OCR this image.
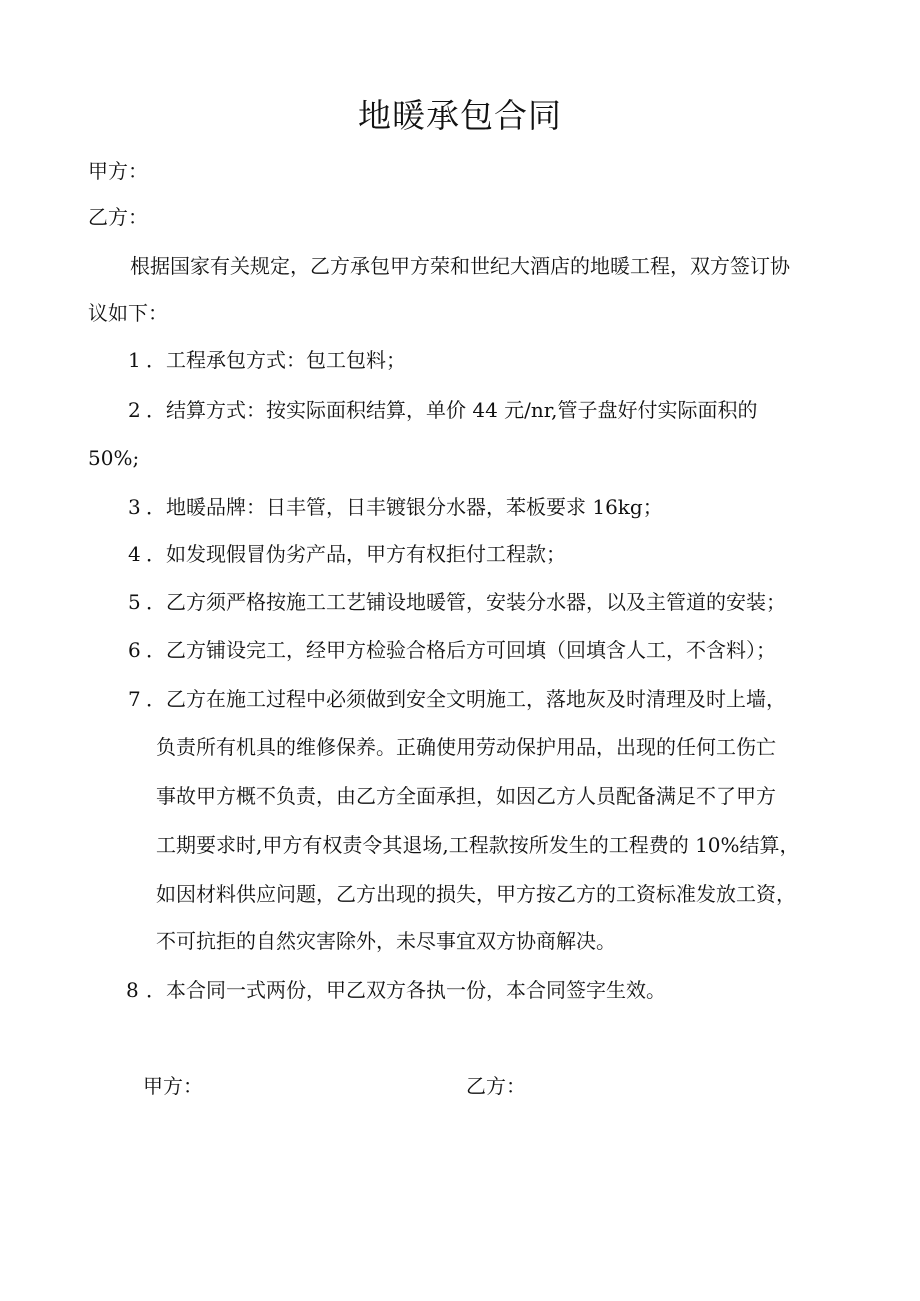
地暖承包合同
甲方：
乙方：
根据国家有关规定，乙方承包甲方荣和世纪大酒店的地暖工程，双方签订协
议如下：
1 ．工程承包方式：包工包料；
2 ．结算方式：按实际面积结算，单价 44 元/nr,管子盘好付实际面积的
50%;
3 ．地暖品牌：日丰管，日丰镀银分水器，苯板要求 16kg；
4 ．如发现假冒伪劣产品，甲方有权拒付工程款；
5 ．乙方须严格按施工工艺铺设地暖管，安装分水器，以及主管道的安装；
6 ．乙方铺设完工，经甲方检验合格后方可回填（回填含人工，不含料）；
7 ．乙方在施工过程中必须做到安全文明施工，落地灰及时清理及时上墙，
负责所有机具的维修保养。正确使用劳动保护用品，出现的任何工伤亡
事故甲方概不负责，由乙方全面承担，如因乙方人员配备满足不了甲方
工期要求时,甲方有权责令其退场,工程款按所发生的工程费的 10%结算，
如因材料供应问题，乙方出现的损失，甲方按乙方的工资标准发放工资，
不可抗拒的自然灾害除外，未尽事宜双方协商解决。
8 ．本合同一式两份，甲乙双方各执一份，本合同签字生效。
甲方：	乙方：
